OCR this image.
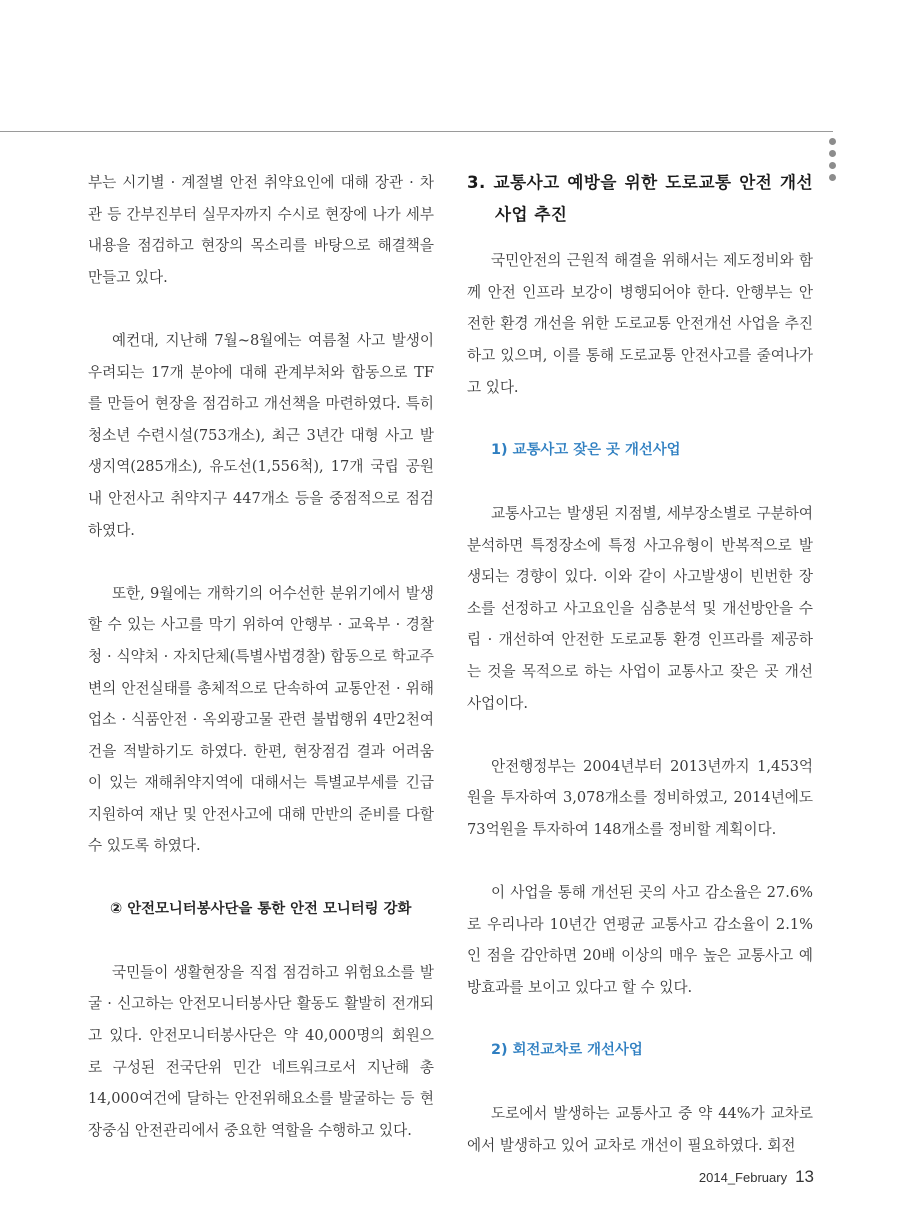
부는 시기별 · 계절별 안전 취약요인에 대해 장관 · 차관 등 간부진부터 실무자까지 수시로 현장에 나가 세부 내용을 점검하고 현장의 목소리를 바탕으로 해결책을 만들고 있다.

예컨대, 지난해 7월~8월에는 여름철 사고 발생이 우려되는 17개 분야에 대해 관계부처와 합동으로 TF를 만들어 현장을 점검하고 개선책을 마련하였다. 특히 청소년 수련시설(753개소), 최근 3년간 대형 사고 발생지역(285개소), 유도선(1,556척), 17개 국립 공원내 안전사고 취약지구 447개소 등을 중점적으로 점검하였다.

또한, 9월에는 개학기의 어수선한 분위기에서 발생할 수 있는 사고를 막기 위하여 안행부 · 교육부 · 경찰청 · 식약처 · 자치단체(특별사법경찰) 합동으로 학교주변의 안전실태를 총체적으로 단속하여 교통안전 · 위해업소 · 식품안전 · 옥외광고물 관련 불법행위 4만2천여건을 적발하기도 하였다. 한편, 현장점검 결과 어려움이 있는 재해취약지역에 대해서는 특별교부세를 긴급 지원하여 재난 및 안전사고에 대해 만반의 준비를 다할 수 있도록 하였다.

② 안전모니터봉사단을 통한 안전 모니터링 강화

국민들이 생활현장을 직접 점검하고 위험요소를 발굴 · 신고하는 안전모니터봉사단 활동도 활발히 전개되고 있다. 안전모니터봉사단은 약 40,000명의 회원으로 구성된 전국단위 민간 네트워크로서 지난해 총 14,000여건에 달하는 안전위해요소를 발굴하는 등 현장중심 안전관리에서 중요한 역할을 수행하고 있다.

3. 교통사고 예방을 위한 도로교통 안전 개선사업 추진

국민안전의 근원적 해결을 위해서는 제도정비와 함께 안전 인프라 보강이 병행되어야 한다. 안행부는 안전한 환경 개선을 위한 도로교통 안전개선 사업을 추진하고 있으며, 이를 통해 도로교통 안전사고를 줄여나가고 있다.

1) 교통사고 잦은 곳 개선사업

교통사고는 발생된 지점별, 세부장소별로 구분하여 분석하면 특정장소에 특정 사고유형이 반복적으로 발생되는 경향이 있다. 이와 같이 사고발생이 빈번한 장소를 선정하고 사고요인을 심층분석 및 개선방안을 수립 · 개선하여 안전한 도로교통 환경 인프라를 제공하는 것을 목적으로 하는 사업이 교통사고 잦은 곳 개선사업이다.

안전행정부는 2004년부터 2013년까지 1,453억원을 투자하여 3,078개소를 정비하였고, 2014년에도 73억원을 투자하여 148개소를 정비할 계획이다.

이 사업을 통해 개선된 곳의 사고 감소율은 27.6%로 우리나라 10년간 연평균 교통사고 감소율이 2.1%인 점을 감안하면 20배 이상의 매우 높은 교통사고 예방효과를 보이고 있다고 할 수 있다.

2) 회전교차로 개선사업

도로에서 발생하는 교통사고 중 약 44%가 교차로에서 발생하고 있어 교차로 개선이 필요하였다. 회전

2014_February 13
